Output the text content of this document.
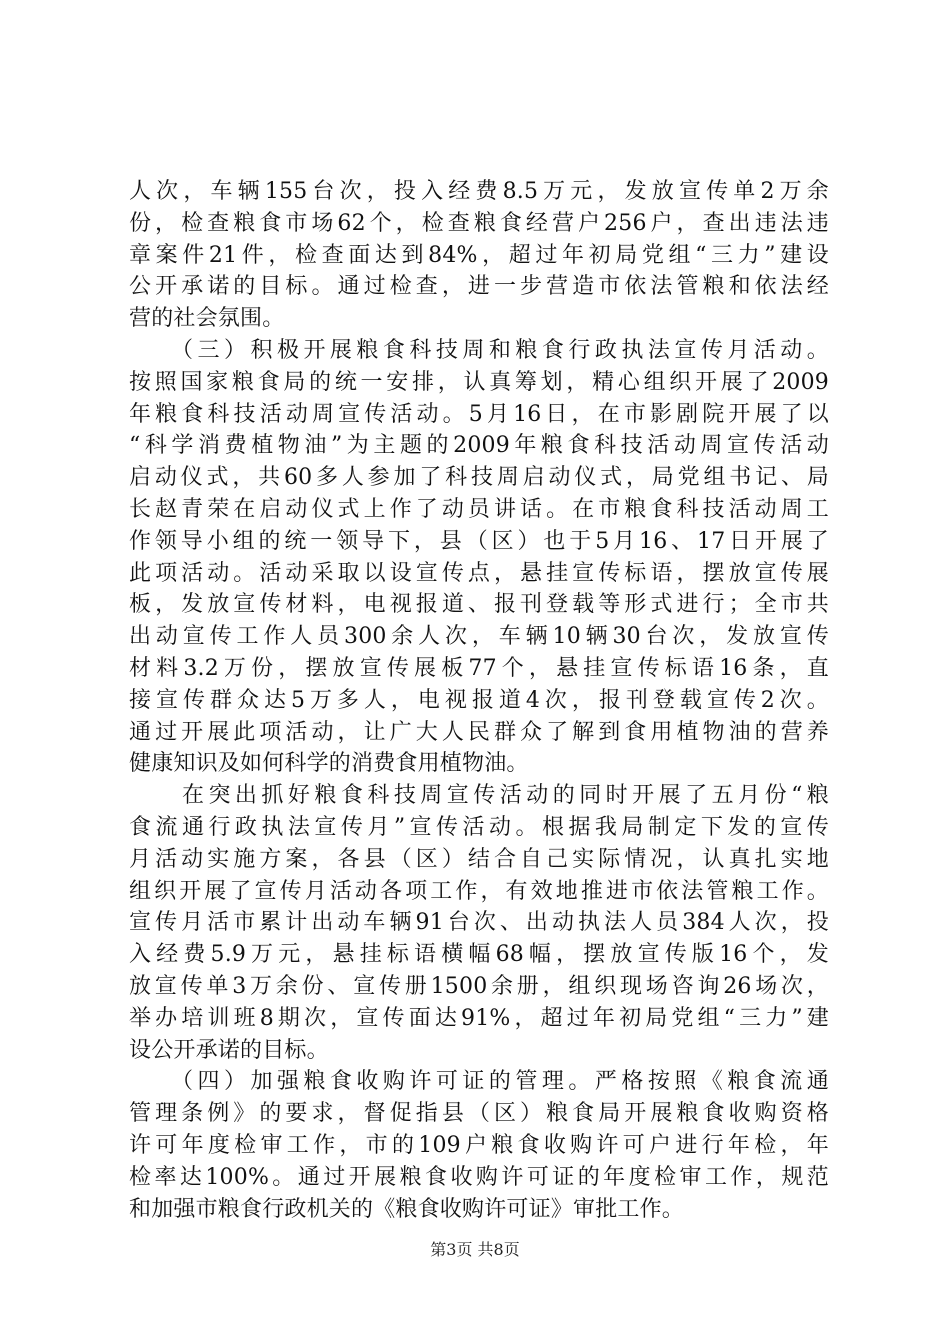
人次，车辆155台次，投入经费8.5万元，发放宣传单2万余
份，检查粮食市场62个，检查粮食经营户256户，查出违法违
章案件21件，检查面达到84%，超过年初局党组“三力”建设
公开承诺的目标。通过检查，进一步营造市依法管粮和依法经
营的社会氛围。
　　（三）积极开展粮食科技周和粮食行政执法宣传月活动。
按照国家粮食局的统一安排，认真筹划，精心组织开展了2009
年粮食科技活动周宣传活动。5月16日，在市影剧院开展了以
“科学消费植物油”为主题的2009年粮食科技活动周宣传活动
启动仪式，共60多人参加了科技周启动仪式，局党组书记、局
长赵青荣在启动仪式上作了动员讲话。在市粮食科技活动周工
作领导小组的统一领导下，县（区）也于5月16、17日开展了
此项活动。活动采取以设宣传点，悬挂宣传标语，摆放宣传展
板，发放宣传材料，电视报道、报刊登载等形式进行；全市共
出动宣传工作人员300余人次，车辆10辆30台次，发放宣传
材料3.2万份，摆放宣传展板77个，悬挂宣传标语16条，直
接宣传群众达5万多人，电视报道4次，报刊登载宣传2次。
通过开展此项活动，让广大人民群众了解到食用植物油的营养
健康知识及如何科学的消费食用植物油。
　　在突出抓好粮食科技周宣传活动的同时开展了五月份“粮
食流通行政执法宣传月”宣传活动。根据我局制定下发的宣传
月活动实施方案，各县（区）结合自己实际情况，认真扎实地
组织开展了宣传月活动各项工作，有效地推进市依法管粮工作。
宣传月活市累计出动车辆91台次、出动执法人员384人次，投
入经费5.9万元，悬挂标语横幅68幅，摆放宣传版16个，发
放宣传单3万余份、宣传册1500余册，组织现场咨询26场次，
举办培训班8期次，宣传面达91%，超过年初局党组“三力”建
设公开承诺的目标。
　　（四）加强粮食收购许可证的管理。严格按照《粮食流通
管理条例》的要求，督促指县（区）粮食局开展粮食收购资格
许可年度检审工作，市的109户粮食收购许可户进行年检，年
检率达100%。通过开展粮食收购许可证的年度检审工作，规范
和加强市粮食行政机关的《粮食收购许可证》审批工作。
第3页 共8页
